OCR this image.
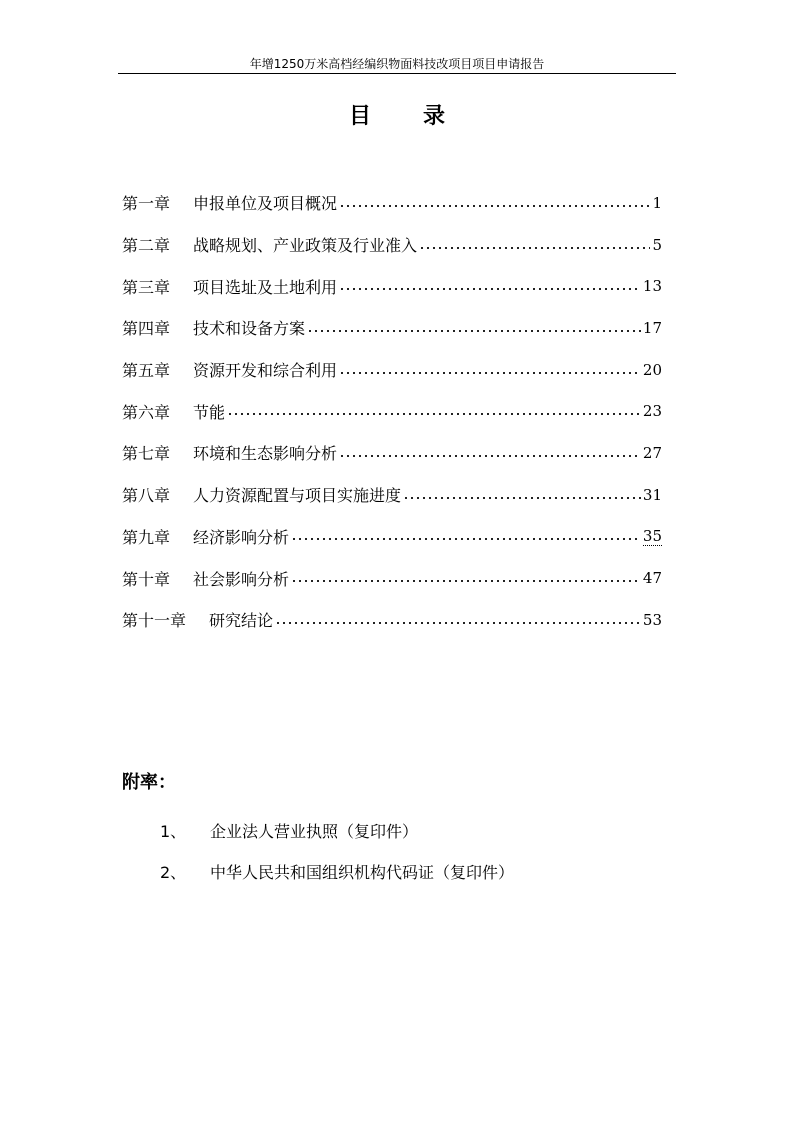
年增1250万米高档经编织物面料技改项目项目申请报告
目录
第一章 申报单位及项目概况	1
第二章 战略规划、产业政策及行业准入	5
第三章 项目选址及土地利用	13
第四章 技术和设备方案	17
第五章 资源开发和综合利用	20
第六章 节能	23
第七章 环境和生态影响分析	27
第八章 人力资源配置与项目实施进度	31
第九章 经济影响分析	35
第十章 社会影响分析	47
第十一章 研究结论	53
附率：
1、	企业法人营业执照（复印件）
2、	中华人民共和国组织机构代码证（复印件）
